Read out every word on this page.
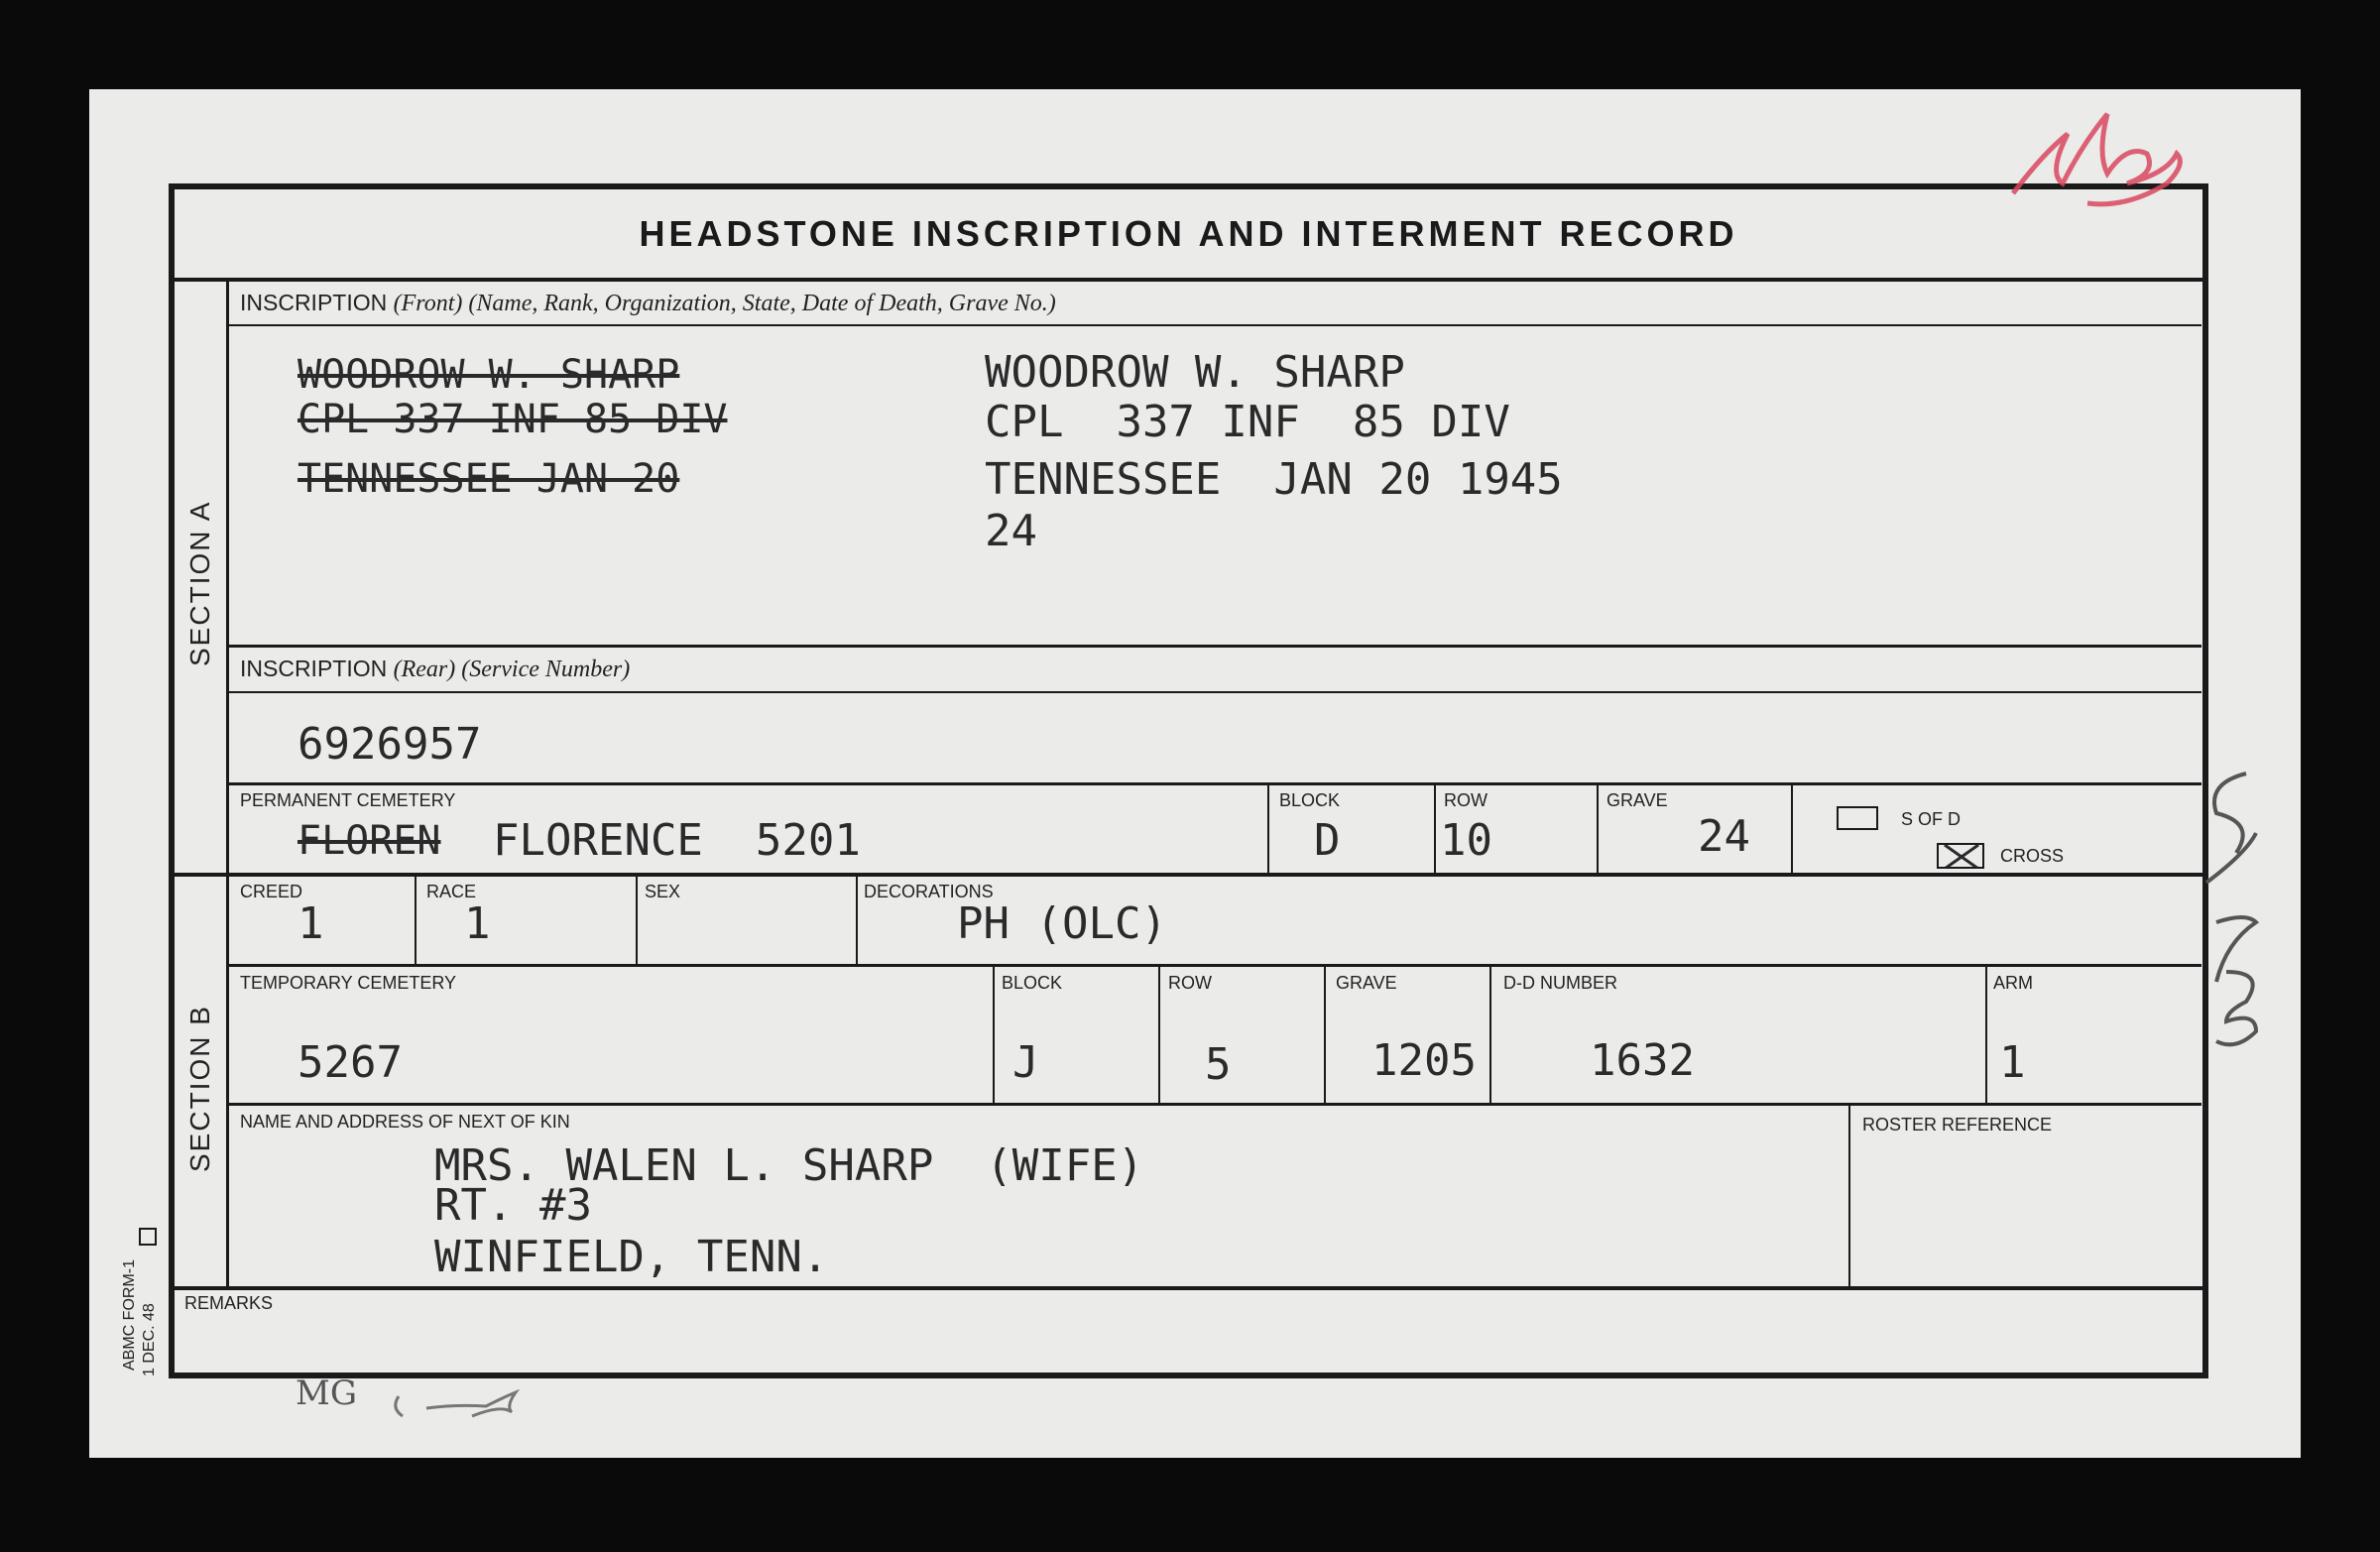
HEADSTONE INSCRIPTION AND INTERMENT RECORD
SECTION A
SECTION B
INSCRIPTION (Front) (Name, Rank, Organization, State, Date of Death, Grave No.)
WOODROW W. SHARP
CPL 337 INF 85 DIV
TENNESSEE JAN 20
WOODROW W. SHARP
CPL  337 INF  85 DIV
TENNESSEE  JAN 20 1945
24
INSCRIPTION (Rear) (Service Number)
6926957
PERMANENT CEMETERY
FLOREN FLORENCE  5201
BLOCK
D
ROW
10
GRAVE
24	S OF D
CROSS
CREED
1
RACE
1
SEX	DECORATIONS
PH (OLC)
TEMPORARY CEMETERY
5267
BLOCK
J
ROW
5
GRAVE
1205
D-D NUMBER
1632
ARM
1
NAME AND ADDRESS OF NEXT OF KIN
MRS. WALEN L. SHARP  (WIFE)
RT. #3
WINFIELD, TENN.
ROSTER REFERENCE
REMARKS
ABMC FORM-1 1 DEC. 48
MG
